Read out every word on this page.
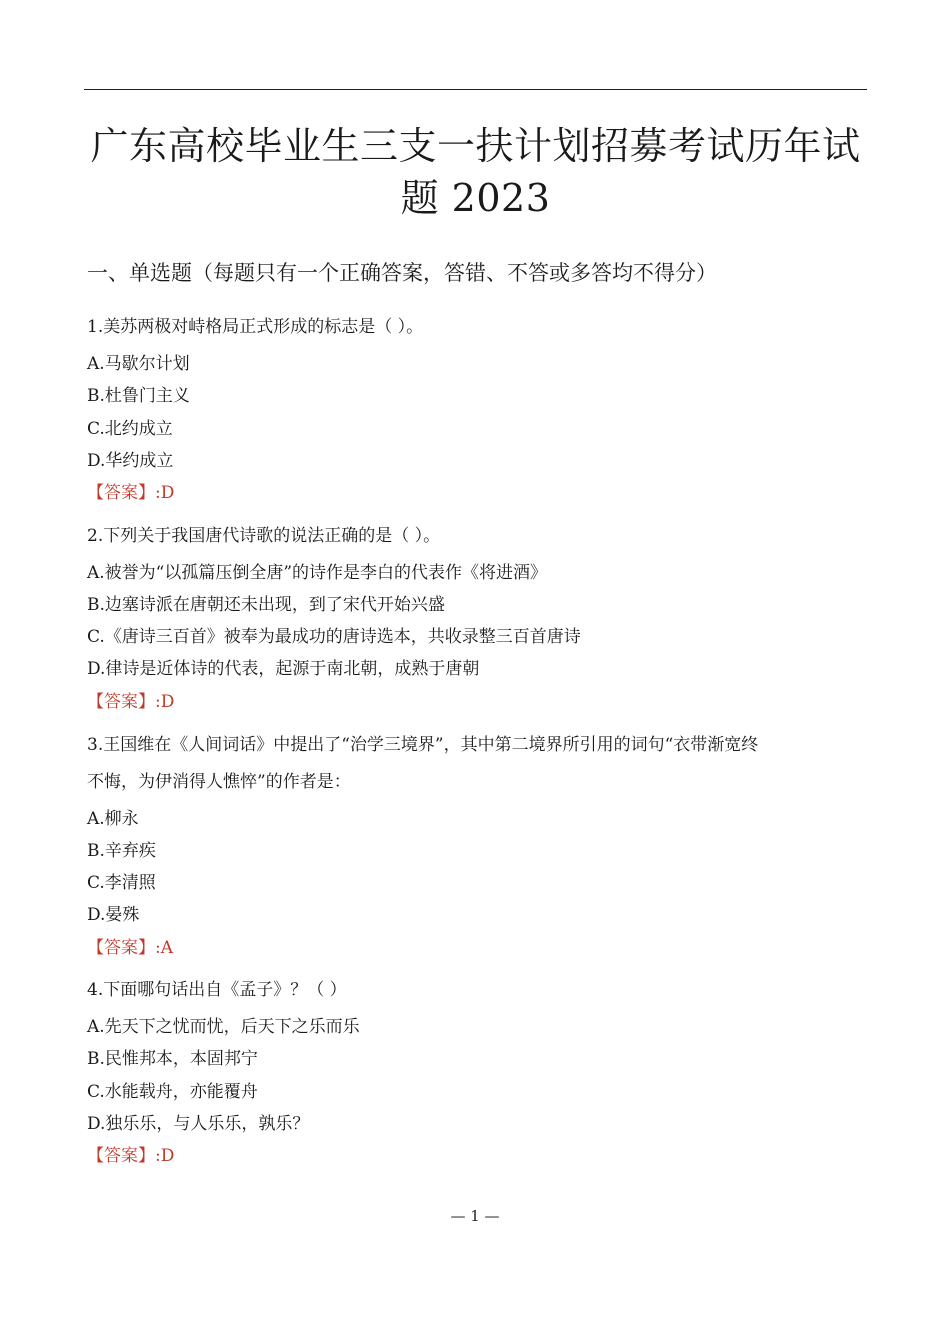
广东高校毕业生三支一扶计划招募考试历年试题 2023
一、单选题（每题只有一个正确答案，答错、不答或多答均不得分）
1.美苏两极对峙格局正式形成的标志是（ ）。
A.马歇尔计划
B.杜鲁门主义
C.北约成立
D.华约成立
【答案】:D
2.下列关于我国唐代诗歌的说法正确的是（ ）。
A.被誉为“以孤篇压倒全唐”的诗作是李白的代表作《将进酒》
B.边塞诗派在唐朝还未出现，到了宋代开始兴盛
C.《唐诗三百首》被奉为最成功的唐诗选本，共收录整三百首唐诗
D.律诗是近体诗的代表，起源于南北朝，成熟于唐朝
【答案】:D
3.王国维在《人间词话》中提出了“治学三境界”，其中第二境界所引用的词句“衣带渐宽终
不悔，为伊消得人憔悴”的作者是：
A.柳永
B.辛弃疾
C.李清照
D.晏殊
【答案】:A
4.下面哪句话出自《孟子》？（ ）
A.先天下之忧而忧，后天下之乐而乐
B.民惟邦本，本固邦宁
C.水能载舟，亦能覆舟
D.独乐乐，与人乐乐，孰乐？
【答案】:D
— 1 —
